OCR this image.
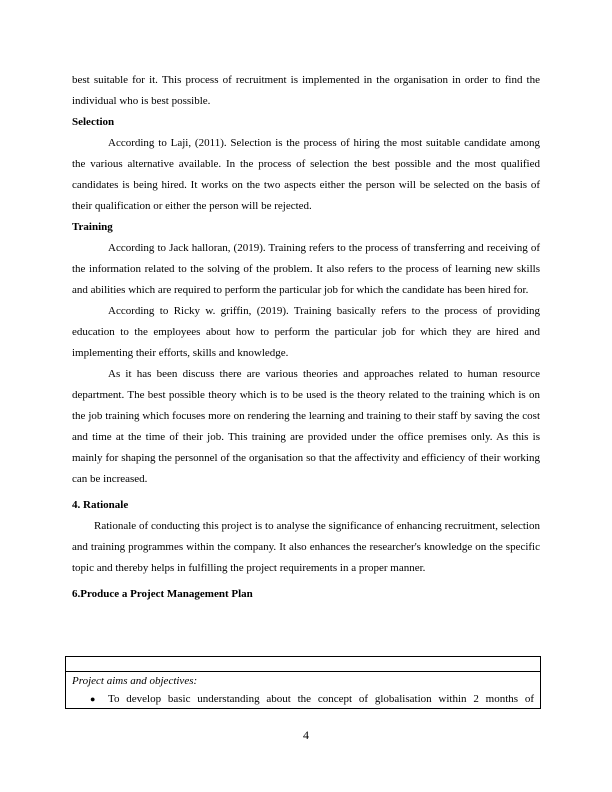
best suitable for it. This process of recruitment is implemented in the organisation in order to find the individual who is best possible.

Selection

According to Laji, (2011). Selection is the process of hiring the most suitable candidate among the various alternative available. In the process of selection the best possible and the most qualified candidates is being hired. It works on the two aspects either the person will be selected on the basis of their qualification or either the person will be rejected.

Training

According to Jack halloran, (2019). Training refers to the process of transferring and receiving of the information related to the solving of the problem. It also refers to the process of learning new skills and abilities which are required to perform the particular job for which the candidate has been hired for.

According to Ricky w. griffin, (2019). Training basically refers to the process of providing education to the employees about how to perform the particular job for which they are hired and implementing their efforts, skills and knowledge.

As it has been discuss there are various theories and approaches related to human resource department. The best possible theory which is to be used is the theory related to the training which is on the job training which focuses more on rendering the learning and training to their staff by saving the cost and time at the time of their job. This training are provided under the office premises only. As this is mainly for shaping the personnel of the organisation so that the affectivity and efficiency of their working can be increased.

4. Rationale

Rationale of conducting this project is to analyse the significance of enhancing recruitment, selection and training programmes within the company. It also enhances the researcher's knowledge on the specific topic and thereby helps in fulfilling the project requirements in a proper manner.

6.Produce a Project Management Plan

Project aims and objectives:
●	To develop basic understanding about the concept of globalisation within 2 months of
4
